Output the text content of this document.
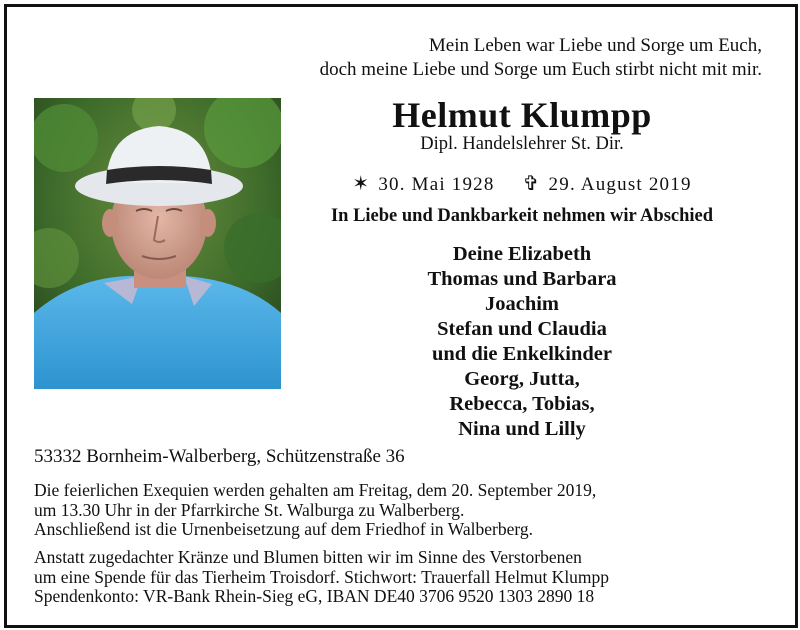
Mein Leben war Liebe und Sorge um Euch,
doch meine Liebe und Sorge um Euch stirbt nicht mit mir.
Helmut Klumpp
Dipl. Handelslehrer St. Dir.
✶ 30. Mai 1928 ✞ 29. August 2019
In Liebe und Dankbarkeit nehmen wir Abschied
Deine Elizabeth
Thomas und Barbara
Joachim
Stefan und Claudia
und die Enkelkinder
Georg, Jutta,
Rebecca, Tobias,
Nina und Lilly
53332 Bornheim-Walberberg, Schützenstraße 36
Die feierlichen Exequien werden gehalten am Freitag, dem 20. September 2019,
um 13.30 Uhr in der Pfarrkirche St. Walburga zu Walberberg.
Anschließend ist die Urnenbeisetzung auf dem Friedhof in Walberberg.
Anstatt zugedachter Kränze und Blumen bitten wir im Sinne des Verstorbenen
um eine Spende für das Tierheim Troisdorf. Stichwort: Trauerfall Helmut Klumpp
Spendenkonto: VR-Bank Rhein-Sieg eG, IBAN DE40 3706 9520 1303 2890 18
